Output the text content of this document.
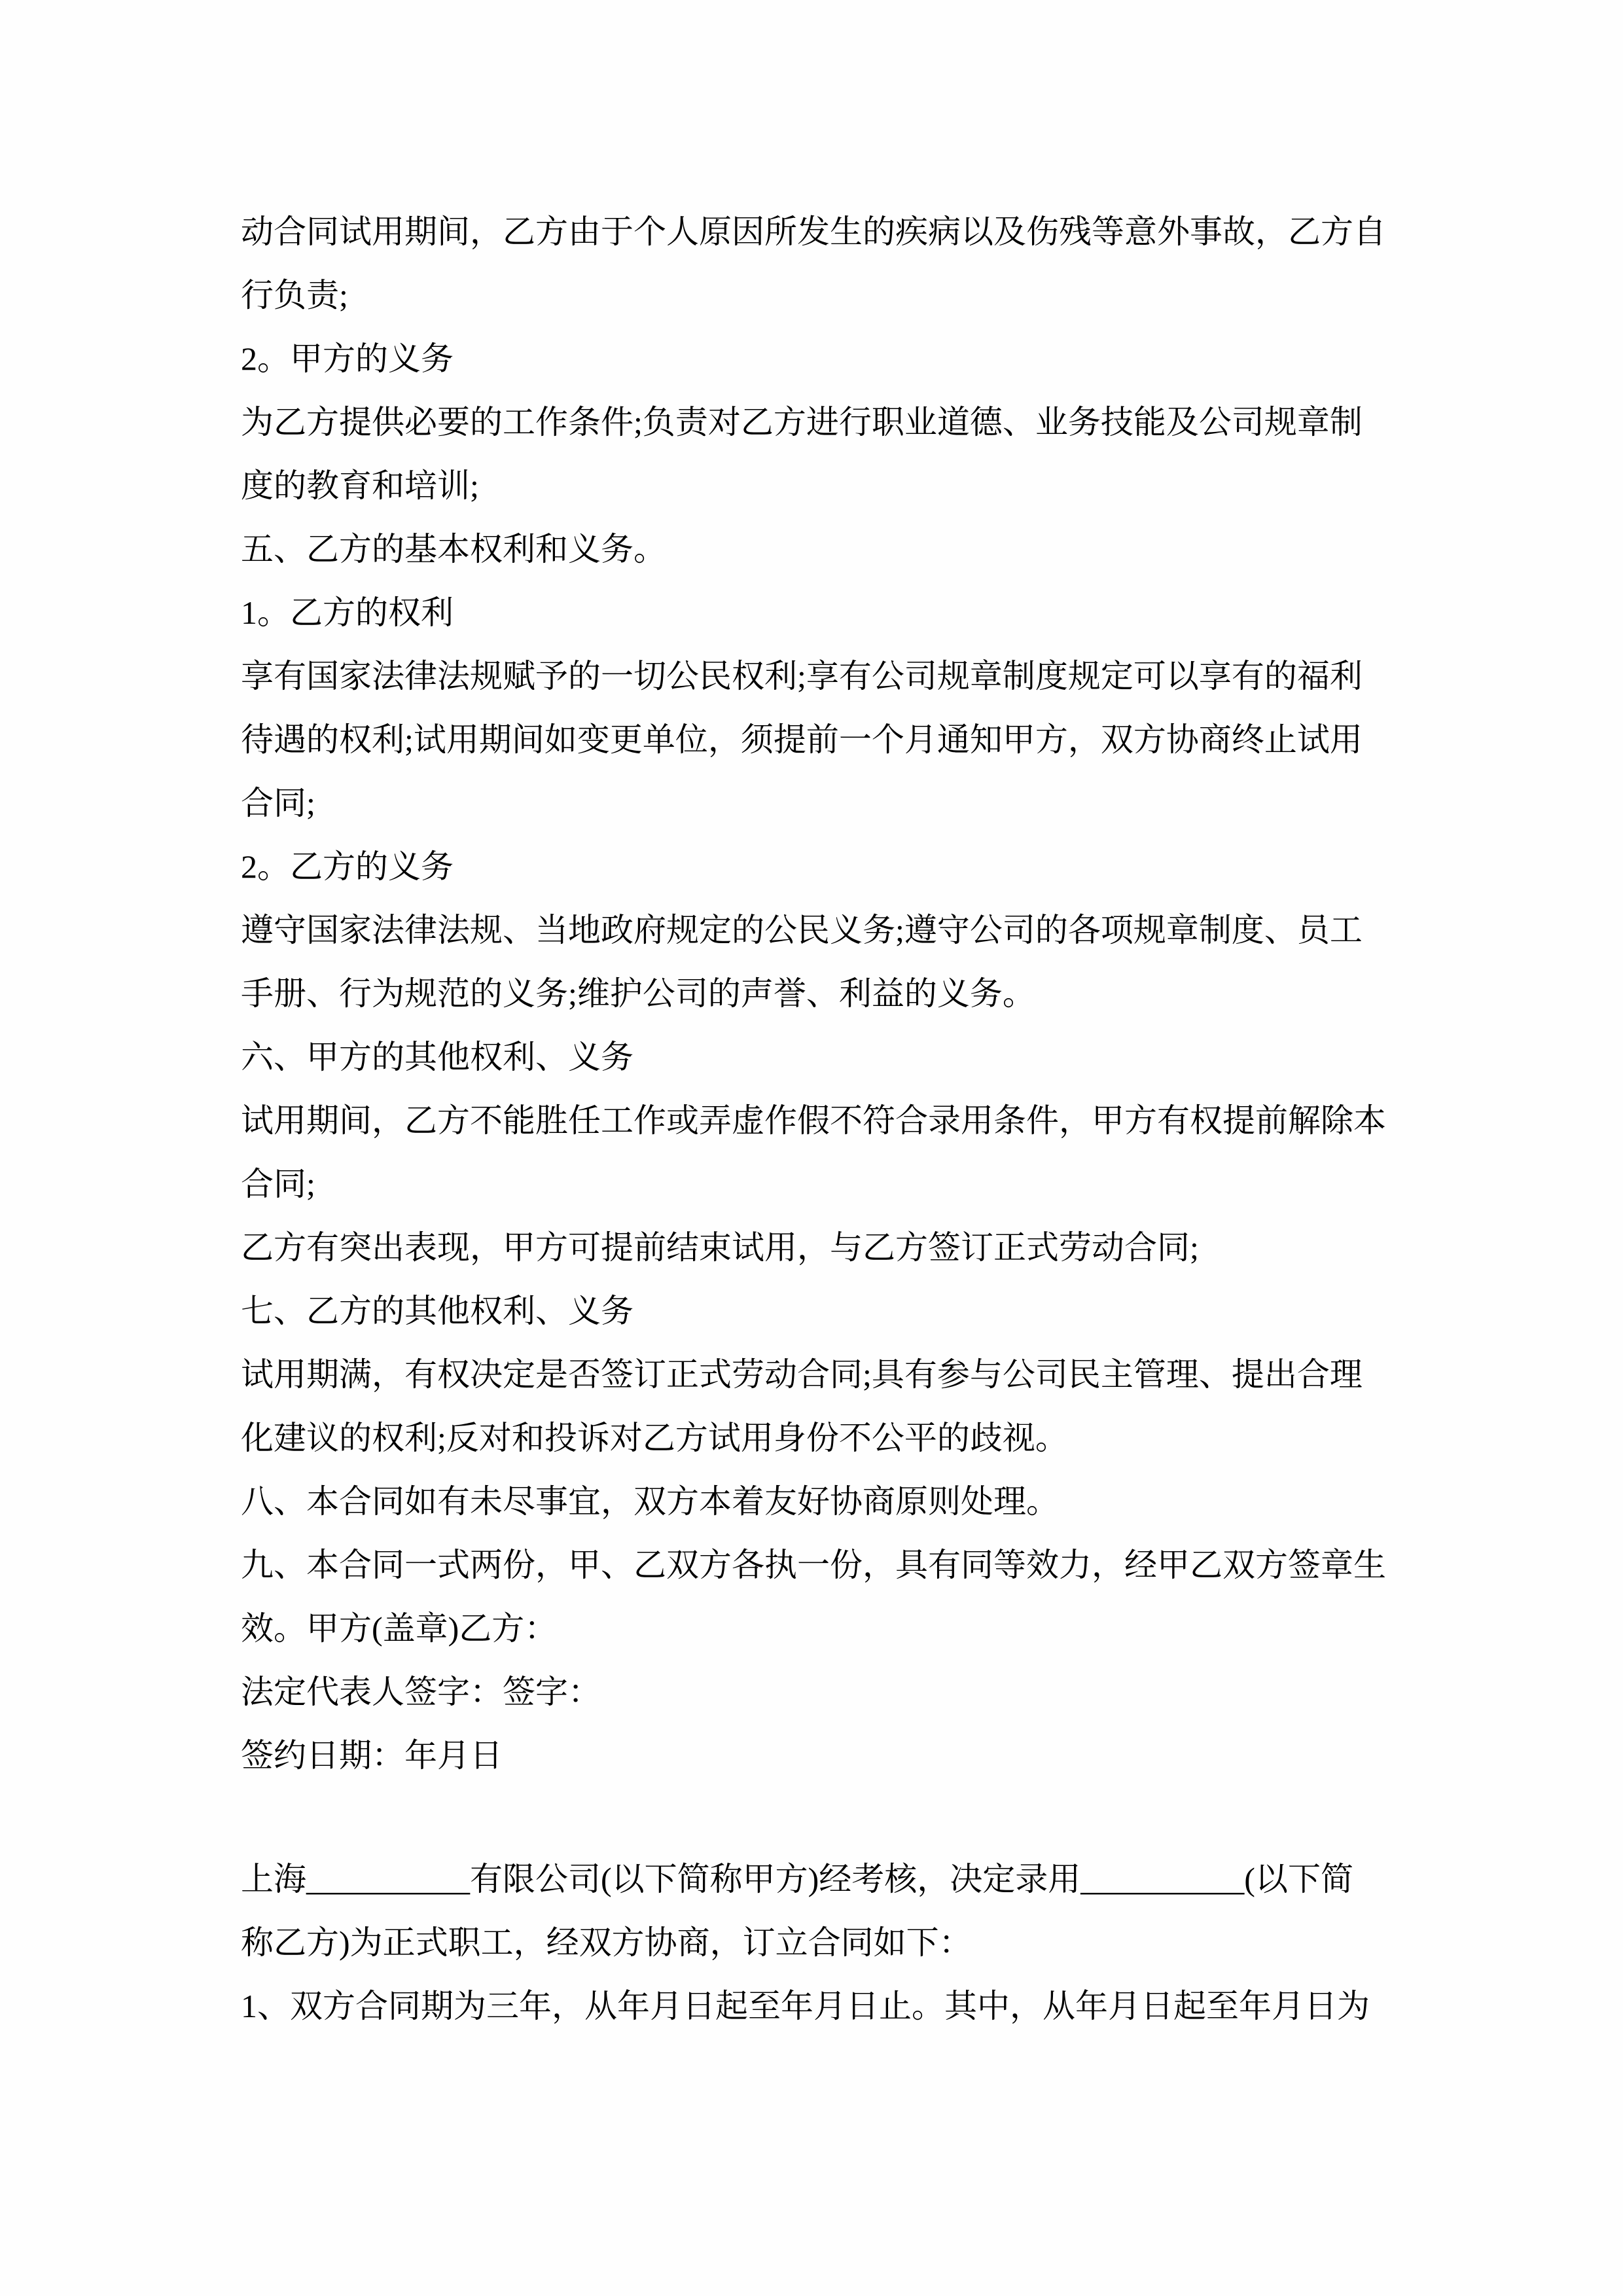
动合同试用期间，乙方由于个人原因所发生的疾病以及伤残等意外事故，乙方自
行负责;
2。甲方的义务
为乙方提供必要的工作条件;负责对乙方进行职业道德、业务技能及公司规章制
度的教育和培训;
五、乙方的基本权利和义务。
1。乙方的权利
享有国家法律法规赋予的一切公民权利;享有公司规章制度规定可以享有的福利
待遇的权利;试用期间如变更单位，须提前一个月通知甲方，双方协商终止试用
合同;
2。乙方的义务
遵守国家法律法规、当地政府规定的公民义务;遵守公司的各项规章制度、员工
手册、行为规范的义务;维护公司的声誉、利益的义务。
六、甲方的其他权利、义务
试用期间，乙方不能胜任工作或弄虚作假不符合录用条件，甲方有权提前解除本
合同;
乙方有突出表现，甲方可提前结束试用，与乙方签订正式劳动合同;
七、乙方的其他权利、义务
试用期满，有权决定是否签订正式劳动合同;具有参与公司民主管理、提出合理
化建议的权利;反对和投诉对乙方试用身份不公平的歧视。
八、本合同如有未尽事宜，双方本着友好协商原则处理。
九、本合同一式两份，甲、乙双方各执一份，具有同等效力，经甲乙双方签章生
效。甲方(盖章)乙方：
法定代表人签字：签字：
签约日期：年月日
上海__________有限公司(以下简称甲方)经考核，决定录用__________(以下简
称乙方)为正式职工，经双方协商，订立合同如下：
1、双方合同期为三年，从年月日起至年月日止。其中，从年月日起至年月日为
